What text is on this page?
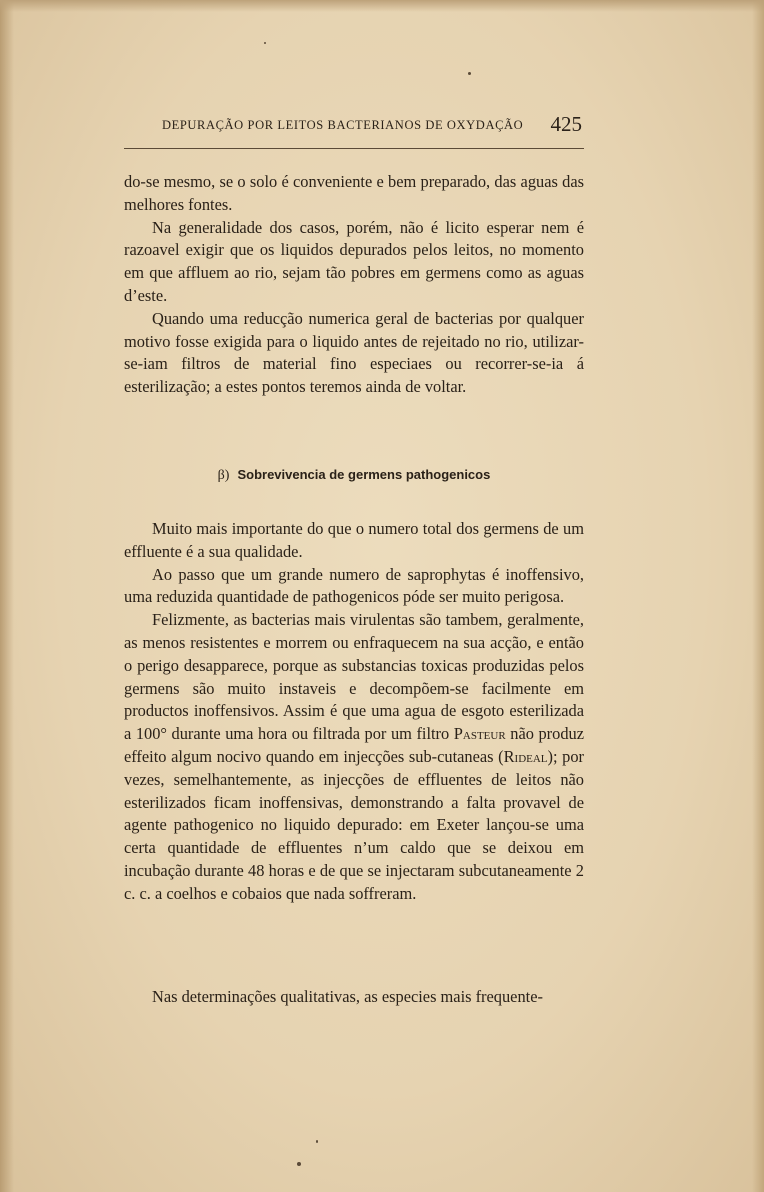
DEPURAÇÃO POR LEITOS BACTERIANOS DE OXYDAÇÃO 425

do-se mesmo, se o solo é conveniente e bem preparado, das aguas das melhores fontes.

Na generalidade dos casos, porém, não é licito esperar nem é razoavel exigir que os liquidos depurados pelos leitos, no momento em que affluem ao rio, sejam tão pobres em germens como as aguas d’este.

Quando uma reducção numerica geral de bacterias por qualquer motivo fosse exigida para o liquido antes de rejeitado no rio, utilizar-se-iam filtros de material fino especiaes ou recorrer-se-ia á esterilização; a estes pontos teremos ainda de voltar.

β) Sobrevivencia de germens pathogenicos

Muito mais importante do que o numero total dos germens de um effluente é a sua qualidade.

Ao passo que um grande numero de saprophytas é inoffensivo, uma reduzida quantidade de pathogenicos póde ser muito perigosa.

Felizmente, as bacterias mais virulentas são tambem, geralmente, as menos resistentes e morrem ou enfraquecem na sua acção, e então o perigo desapparece, porque as substancias toxicas produzidas pelos germens são muito instaveis e decompõem-se facilmente em productos inoffensivos. Assim é que uma agua de esgoto esterilizada a 100° durante uma hora ou filtrada por um filtro Pasteur não produz effeito algum nocivo quando em injecções sub-cutaneas (Rideal); por vezes, semelhantemente, as injecções de effluentes de leitos não esterilizados ficam inoffensivas, demonstrando a falta provavel de agente pathogenico no liquido depurado: em Exeter lançou-se uma certa quantidade de effluentes n’um caldo que se deixou em incubação durante 48 horas e de que se injectaram subcutaneamente 2 c. c. a coelhos e cobaios que nada soffreram.

Nas determinações qualitativas, as especies mais frequente-
